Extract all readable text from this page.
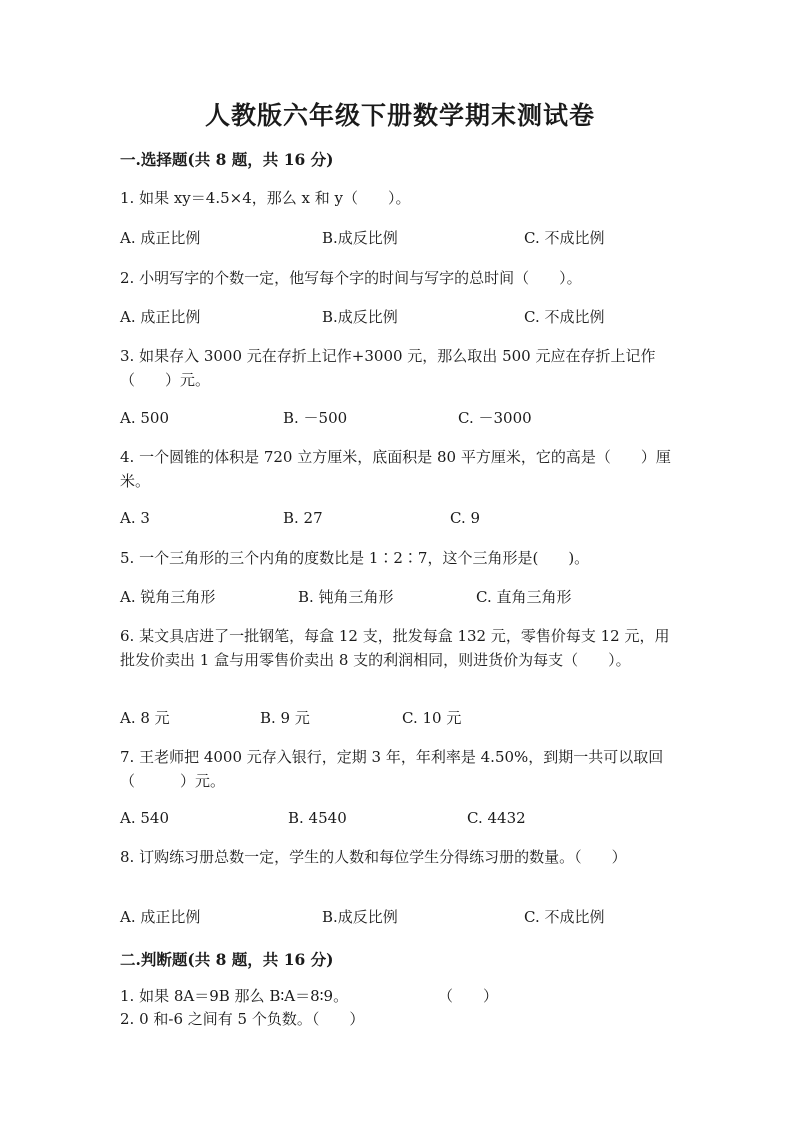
人教版六年级下册数学期末测试卷
一.选择题(共 8 题，共 16 分)
1. 如果 xy＝4.5×4，那么 x 和 y（　　）。
A. 成正比例	B.成反比例	C. 不成比例
2. 小明写字的个数一定，他写每个字的时间与写字的总时间（　　）。
A. 成正比例	B.成反比例	C. 不成比例
3. 如果存入 3000 元在存折上记作+3000 元，那么取出 500 元应在存折上记作（　　）元。
A. 500	B. －500	C. －3000
4. 一个圆锥的体积是 720 立方厘米，底面积是 80 平方厘米，它的高是（　　）厘米。
A. 3	B. 27	C. 9
5. 一个三角形的三个内角的度数比是 1∶2∶7，这个三角形是(　　)。
A. 锐角三角形	B. 钝角三角形	C. 直角三角形
6. 某文具店进了一批钢笔，每盒 12 支，批发每盒 132 元，零售价每支 12 元，用批发价卖出 1 盒与用零售价卖出 8 支的利润相同，则进货价为每支（　　）。
A. 8 元	B. 9 元	C. 10 元
7. 王老师把 4000 元存入银行，定期 3 年，年利率是 4.50%，到期一共可以取回（　　　）元。
A. 540	B. 4540	C. 4432
8. 订购练习册总数一定，学生的人数和每位学生分得练习册的数量。（　　）
A. 成正比例	B.成反比例	C. 不成比例
二.判断题(共 8 题，共 16 分)
1. 如果 8A＝9B 那么 B∶A＝8∶9。	（　　）
2. 0 和-6 之间有 5 个负数。（　　）
